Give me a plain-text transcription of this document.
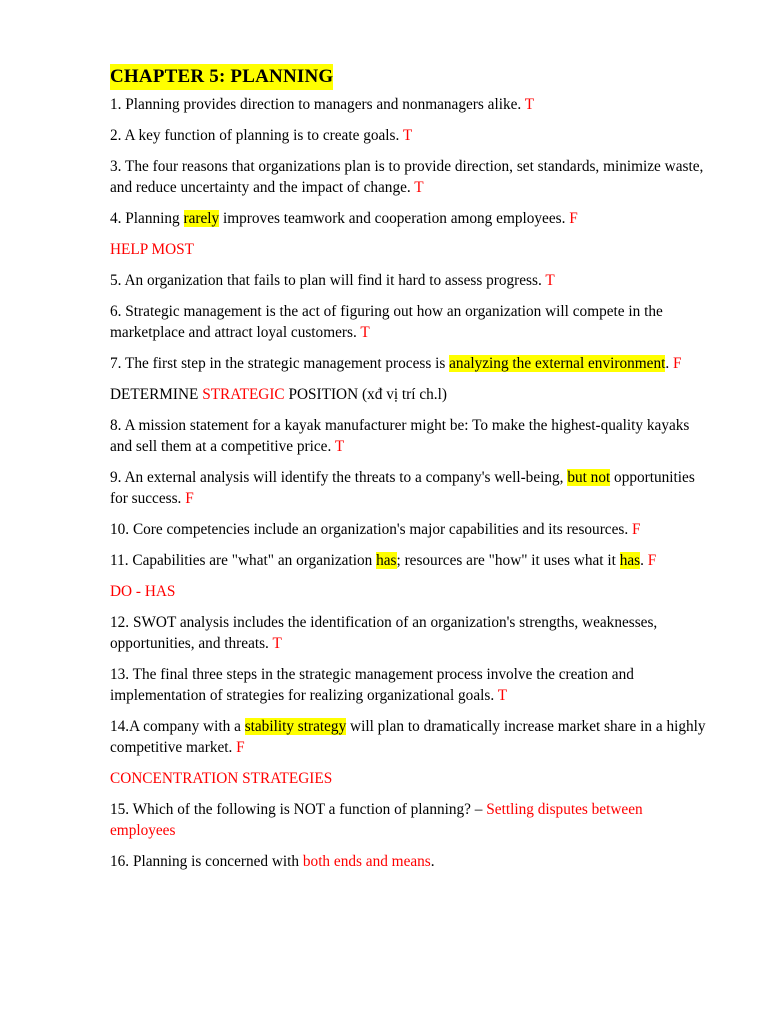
CHAPTER 5: PLANNING

1. Planning provides direction to managers and nonmanagers alike. T

2. A key function of planning is to create goals. T

3. The four reasons that organizations plan is to provide direction, set standards, minimize waste, and reduce uncertainty and the impact of change. T

4. Planning rarely improves teamwork and cooperation among employees. F

HELP MOST

5. An organization that fails to plan will find it hard to assess progress. T

6. Strategic management is the act of figuring out how an organization will compete in the marketplace and attract loyal customers. T

7. The first step in the strategic management process is analyzing the external environment. F

DETERMINE STRATEGIC POSITION (xđ vị trí ch.l)

8. A mission statement for a kayak manufacturer might be: To make the highest-quality kayaks and sell them at a competitive price. T

9. An external analysis will identify the threats to a company's well-being, but not opportunities for success. F

10. Core competencies include an organization's major capabilities and its resources. F

11. Capabilities are "what" an organization has; resources are "how" it uses what it has. F

DO - HAS

12. SWOT analysis includes the identification of an organization's strengths, weaknesses, opportunities, and threats. T

13. The final three steps in the strategic management process involve the creation and implementation of strategies for realizing organizational goals. T

14.A company with a stability strategy will plan to dramatically increase market share in a highly competitive market. F

CONCENTRATION STRATEGIES

15. Which of the following is NOT a function of planning? – Settling disputes between employees

16. Planning is concerned with both ends and means.
